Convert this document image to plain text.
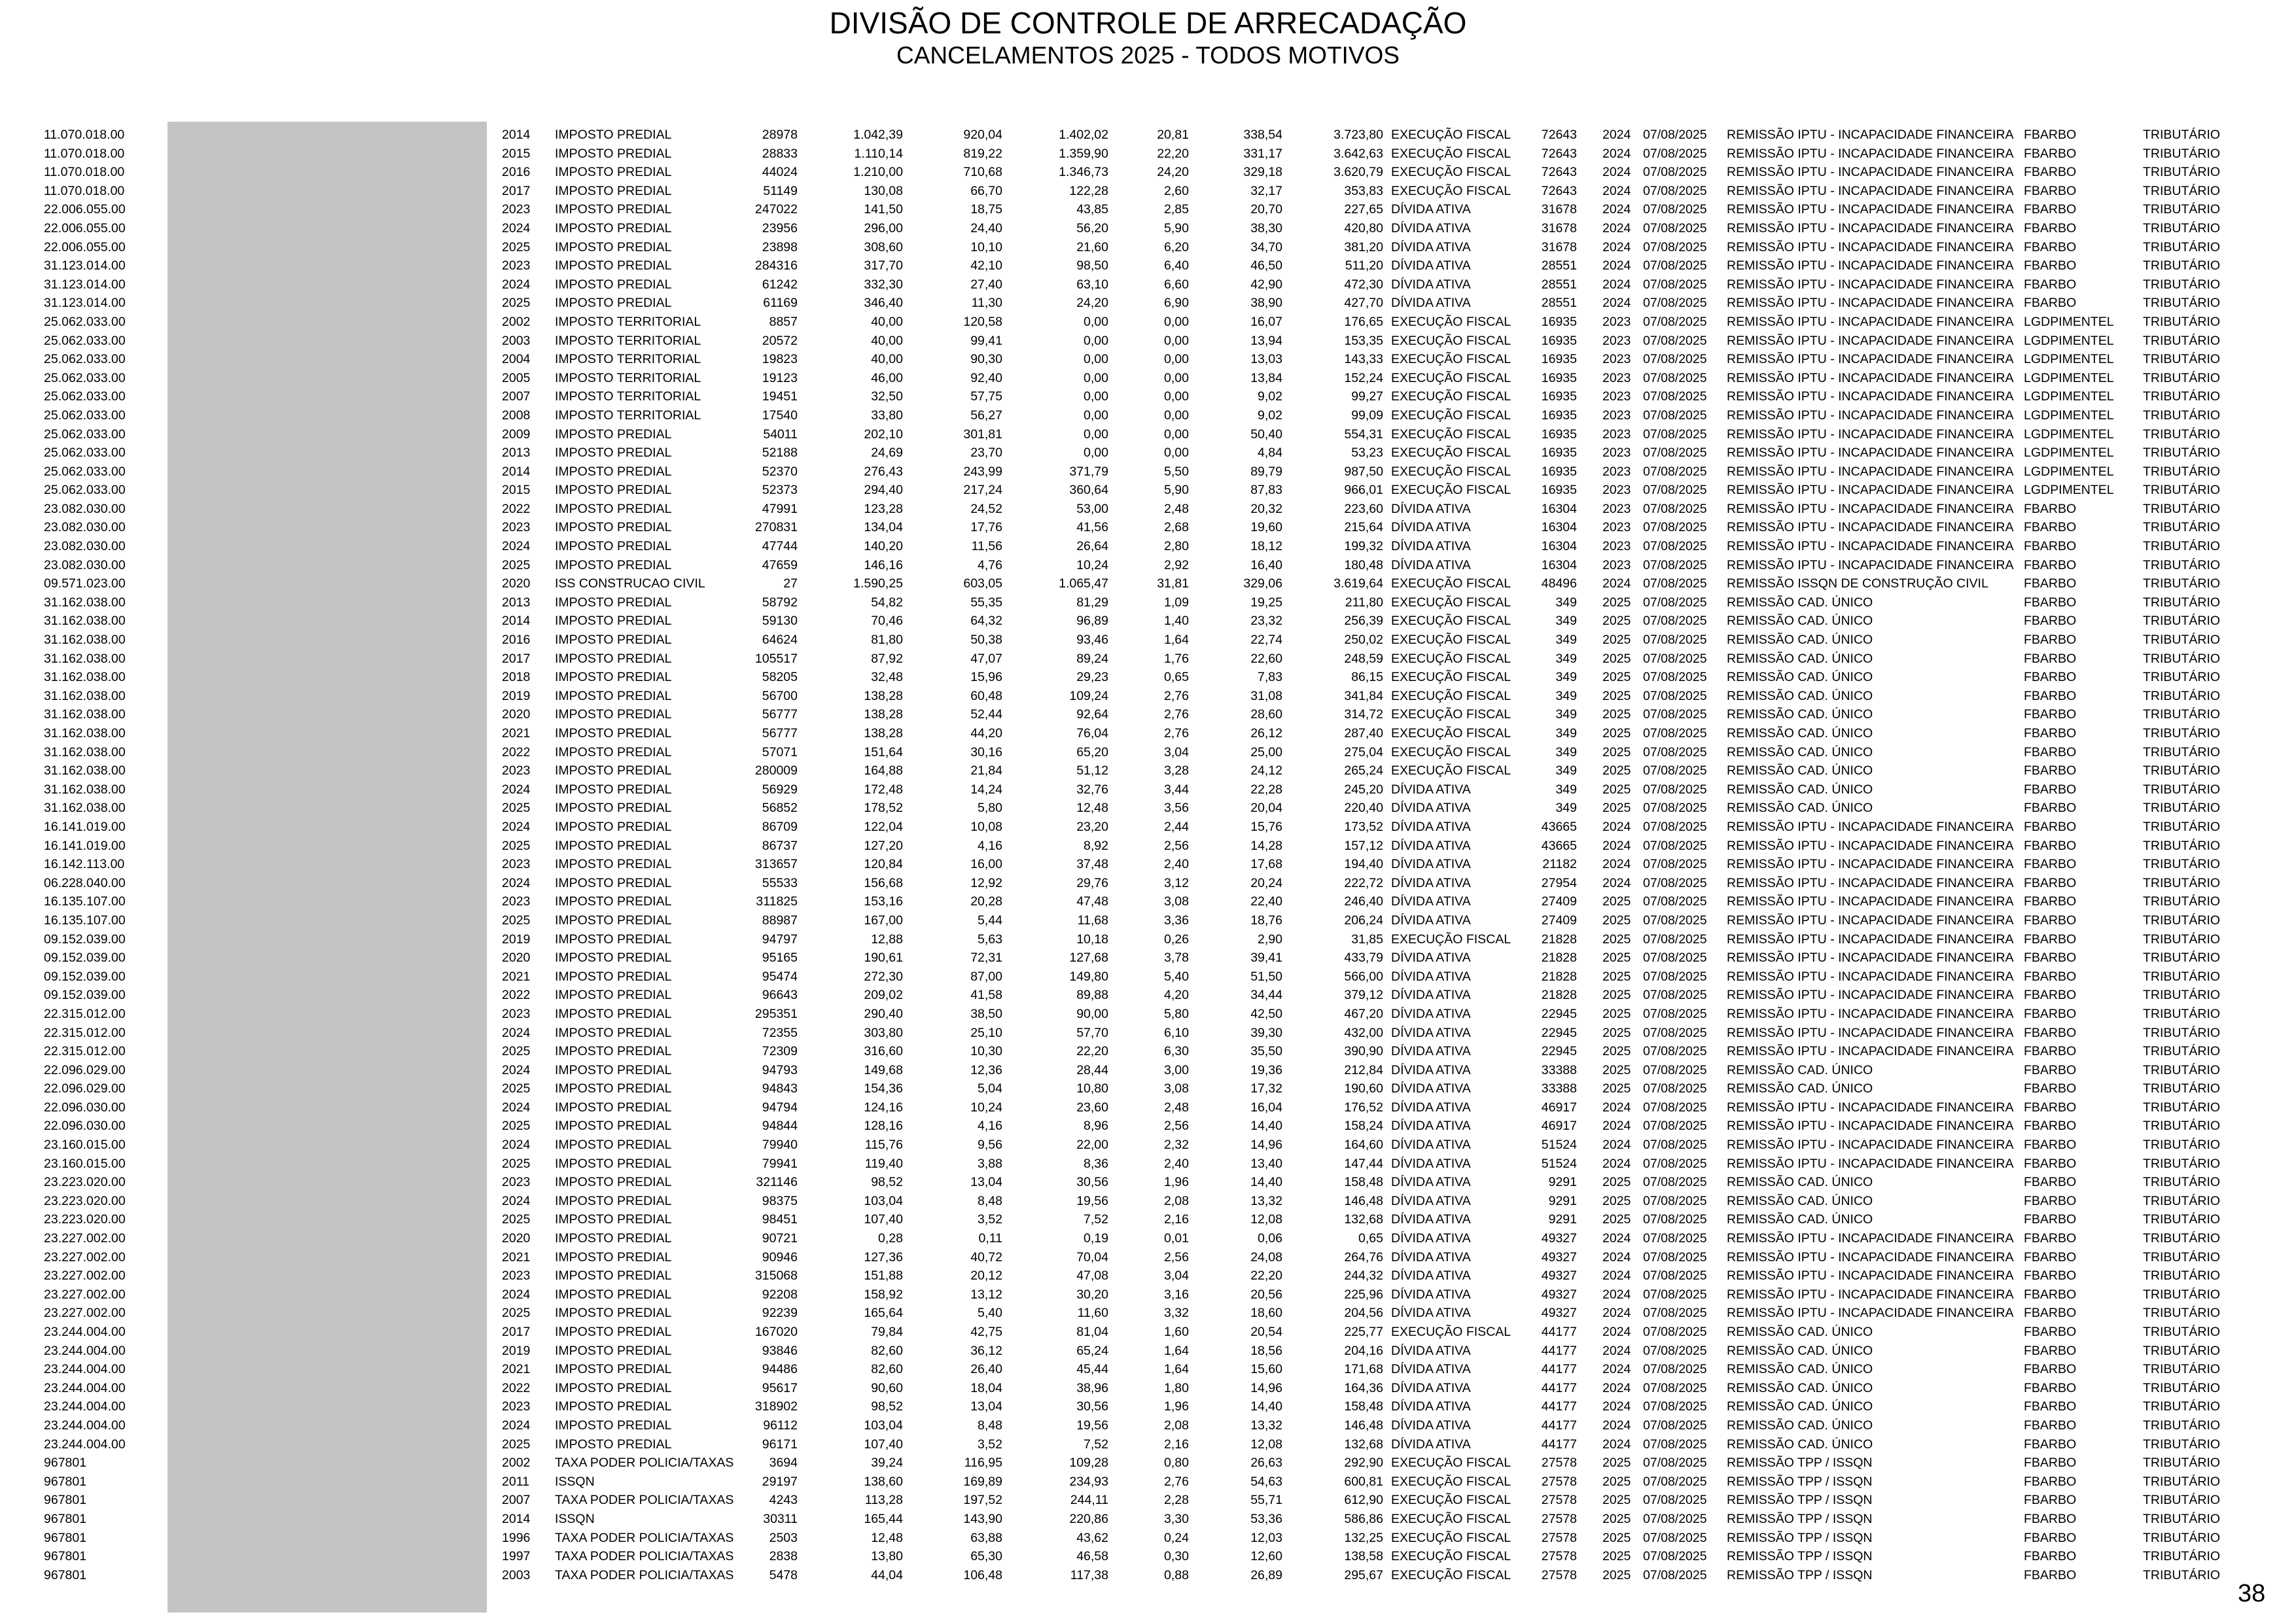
DIVISÃO DE CONTROLE DE ARRECADAÇÃO
CANCELAMENTOS 2025 - TODOS MOTIVOS
11.070.018.00	2014	IMPOSTO PREDIAL	28978	1.042,39	920,04	1.402,02	20,81	338,54	3.723,80 EXECUÇÃO FISCAL	72643 2024 07/08/2025	REMISSÃO IPTU - INCAPACIDADE FINANCEIRA FBARBO	TRIBUTÁRIO
11.070.018.00	2015	IMPOSTO PREDIAL	28833	1.110,14	819,22	1.359,90	22,20	331,17	3.642,63 EXECUÇÃO FISCAL	72643 2024 07/08/2025	REMISSÃO IPTU - INCAPACIDADE FINANCEIRA FBARBO	TRIBUTÁRIO
11.070.018.00	2016	IMPOSTO PREDIAL	44024	1.210,00	710,68	1.346,73	24,20	329,18	3.620,79 EXECUÇÃO FISCAL	72643 2024 07/08/2025	REMISSÃO IPTU - INCAPACIDADE FINANCEIRA FBARBO	TRIBUTÁRIO
11.070.018.00	2017	IMPOSTO PREDIAL	51149	130,08	66,70	122,28	2,60	32,17	353,83 EXECUÇÃO FISCAL	72643 2024 07/08/2025	REMISSÃO IPTU - INCAPACIDADE FINANCEIRA FBARBO	TRIBUTÁRIO
22.006.055.00	2023	IMPOSTO PREDIAL	247022	141,50	18,75	43,85	2,85	20,70	227,65 DÍVIDA ATIVA	31678 2024 07/08/2025	REMISSÃO IPTU - INCAPACIDADE FINANCEIRA FBARBO	TRIBUTÁRIO
22.006.055.00	2024	IMPOSTO PREDIAL	23956	296,00	24,40	56,20	5,90	38,30	420,80 DÍVIDA ATIVA	31678 2024 07/08/2025	REMISSÃO IPTU - INCAPACIDADE FINANCEIRA FBARBO	TRIBUTÁRIO
22.006.055.00	2025	IMPOSTO PREDIAL	23898	308,60	10,10	21,60	6,20	34,70	381,20 DÍVIDA ATIVA	31678 2024 07/08/2025	REMISSÃO IPTU - INCAPACIDADE FINANCEIRA FBARBO	TRIBUTÁRIO
31.123.014.00	2023	IMPOSTO PREDIAL	284316	317,70	42,10	98,50	6,40	46,50	511,20 DÍVIDA ATIVA	28551 2024 07/08/2025	REMISSÃO IPTU - INCAPACIDADE FINANCEIRA FBARBO	TRIBUTÁRIO
31.123.014.00	2024	IMPOSTO PREDIAL	61242	332,30	27,40	63,10	6,60	42,90	472,30 DÍVIDA ATIVA	28551 2024 07/08/2025	REMISSÃO IPTU - INCAPACIDADE FINANCEIRA FBARBO	TRIBUTÁRIO
31.123.014.00	2025	IMPOSTO PREDIAL	61169	346,40	11,30	24,20	6,90	38,90	427,70 DÍVIDA ATIVA	28551 2024 07/08/2025	REMISSÃO IPTU - INCAPACIDADE FINANCEIRA FBARBO	TRIBUTÁRIO
25.062.033.00	2002	IMPOSTO TERRITORIAL	8857	40,00	120,58	0,00	0,00	16,07	176,65 EXECUÇÃO FISCAL	16935 2023 07/08/2025	REMISSÃO IPTU - INCAPACIDADE FINANCEIRA LGDPIMENTEL	TRIBUTÁRIO
25.062.033.00	2003	IMPOSTO TERRITORIAL	20572	40,00	99,41	0,00	0,00	13,94	153,35 EXECUÇÃO FISCAL	16935 2023 07/08/2025	REMISSÃO IPTU - INCAPACIDADE FINANCEIRA LGDPIMENTEL	TRIBUTÁRIO
25.062.033.00	2004	IMPOSTO TERRITORIAL	19823	40,00	90,30	0,00	0,00	13,03	143,33 EXECUÇÃO FISCAL	16935 2023 07/08/2025	REMISSÃO IPTU - INCAPACIDADE FINANCEIRA LGDPIMENTEL	TRIBUTÁRIO
25.062.033.00	2005	IMPOSTO TERRITORIAL	19123	46,00	92,40	0,00	0,00	13,84	152,24 EXECUÇÃO FISCAL	16935 2023 07/08/2025	REMISSÃO IPTU - INCAPACIDADE FINANCEIRA LGDPIMENTEL	TRIBUTÁRIO
25.062.033.00	2007	IMPOSTO TERRITORIAL	19451	32,50	57,75	0,00	0,00	9,02	99,27 EXECUÇÃO FISCAL	16935 2023 07/08/2025	REMISSÃO IPTU - INCAPACIDADE FINANCEIRA LGDPIMENTEL	TRIBUTÁRIO
25.062.033.00	2008	IMPOSTO TERRITORIAL	17540	33,80	56,27	0,00	0,00	9,02	99,09 EXECUÇÃO FISCAL	16935 2023 07/08/2025	REMISSÃO IPTU - INCAPACIDADE FINANCEIRA LGDPIMENTEL	TRIBUTÁRIO
25.062.033.00	2009	IMPOSTO PREDIAL	54011	202,10	301,81	0,00	0,00	50,40	554,31 EXECUÇÃO FISCAL	16935 2023 07/08/2025	REMISSÃO IPTU - INCAPACIDADE FINANCEIRA LGDPIMENTEL	TRIBUTÁRIO
25.062.033.00	2013	IMPOSTO PREDIAL	52188	24,69	23,70	0,00	0,00	4,84	53,23 EXECUÇÃO FISCAL	16935 2023 07/08/2025	REMISSÃO IPTU - INCAPACIDADE FINANCEIRA LGDPIMENTEL	TRIBUTÁRIO
25.062.033.00	2014	IMPOSTO PREDIAL	52370	276,43	243,99	371,79	5,50	89,79	987,50 EXECUÇÃO FISCAL	16935 2023 07/08/2025	REMISSÃO IPTU - INCAPACIDADE FINANCEIRA LGDPIMENTEL	TRIBUTÁRIO
25.062.033.00	2015	IMPOSTO PREDIAL	52373	294,40	217,24	360,64	5,90	87,83	966,01 EXECUÇÃO FISCAL	16935 2023 07/08/2025	REMISSÃO IPTU - INCAPACIDADE FINANCEIRA LGDPIMENTEL	TRIBUTÁRIO
23.082.030.00	2022	IMPOSTO PREDIAL	47991	123,28	24,52	53,00	2,48	20,32	223,60 DÍVIDA ATIVA	16304 2023 07/08/2025	REMISSÃO IPTU - INCAPACIDADE FINANCEIRA FBARBO	TRIBUTÁRIO
23.082.030.00	2023	IMPOSTO PREDIAL	270831	134,04	17,76	41,56	2,68	19,60	215,64 DÍVIDA ATIVA	16304 2023 07/08/2025	REMISSÃO IPTU - INCAPACIDADE FINANCEIRA FBARBO	TRIBUTÁRIO
23.082.030.00	2024	IMPOSTO PREDIAL	47744	140,20	11,56	26,64	2,80	18,12	199,32 DÍVIDA ATIVA	16304 2023 07/08/2025	REMISSÃO IPTU - INCAPACIDADE FINANCEIRA FBARBO	TRIBUTÁRIO
23.082.030.00	2025	IMPOSTO PREDIAL	47659	146,16	4,76	10,24	2,92	16,40	180,48 DÍVIDA ATIVA	16304 2023 07/08/2025	REMISSÃO IPTU - INCAPACIDADE FINANCEIRA FBARBO	TRIBUTÁRIO
09.571.023.00	2020	ISS CONSTRUCAO CIVIL	27	1.590,25	603,05	1.065,47	31,81	329,06	3.619,64 EXECUÇÃO FISCAL	48496 2024 07/08/2025	REMISSÃO ISSQN DE CONSTRUÇÃO CIVIL	FBARBO	TRIBUTÁRIO
31.162.038.00	2013	IMPOSTO PREDIAL	58792	54,82	55,35	81,29	1,09	19,25	211,80 EXECUÇÃO FISCAL	349 2025 07/08/2025	REMISSÃO CAD. ÚNICO	FBARBO	TRIBUTÁRIO
31.162.038.00	2014	IMPOSTO PREDIAL	59130	70,46	64,32	96,89	1,40	23,32	256,39 EXECUÇÃO FISCAL	349 2025 07/08/2025	REMISSÃO CAD. ÚNICO	FBARBO	TRIBUTÁRIO
31.162.038.00	2016	IMPOSTO PREDIAL	64624	81,80	50,38	93,46	1,64	22,74	250,02 EXECUÇÃO FISCAL	349 2025 07/08/2025	REMISSÃO CAD. ÚNICO	FBARBO	TRIBUTÁRIO
31.162.038.00	2017	IMPOSTO PREDIAL	105517	87,92	47,07	89,24	1,76	22,60	248,59 EXECUÇÃO FISCAL	349 2025 07/08/2025	REMISSÃO CAD. ÚNICO	FBARBO	TRIBUTÁRIO
31.162.038.00	2018	IMPOSTO PREDIAL	58205	32,48	15,96	29,23	0,65	7,83	86,15 EXECUÇÃO FISCAL	349 2025 07/08/2025	REMISSÃO CAD. ÚNICO	FBARBO	TRIBUTÁRIO
31.162.038.00	2019	IMPOSTO PREDIAL	56700	138,28	60,48	109,24	2,76	31,08	341,84 EXECUÇÃO FISCAL	349 2025 07/08/2025	REMISSÃO CAD. ÚNICO	FBARBO	TRIBUTÁRIO
31.162.038.00	2020	IMPOSTO PREDIAL	56777	138,28	52,44	92,64	2,76	28,60	314,72 EXECUÇÃO FISCAL	349 2025 07/08/2025	REMISSÃO CAD. ÚNICO	FBARBO	TRIBUTÁRIO
31.162.038.00	2021	IMPOSTO PREDIAL	56777	138,28	44,20	76,04	2,76	26,12	287,40 EXECUÇÃO FISCAL	349 2025 07/08/2025	REMISSÃO CAD. ÚNICO	FBARBO	TRIBUTÁRIO
31.162.038.00	2022	IMPOSTO PREDIAL	57071	151,64	30,16	65,20	3,04	25,00	275,04 EXECUÇÃO FISCAL	349 2025 07/08/2025	REMISSÃO CAD. ÚNICO	FBARBO	TRIBUTÁRIO
31.162.038.00	2023	IMPOSTO PREDIAL	280009	164,88	21,84	51,12	3,28	24,12	265,24 EXECUÇÃO FISCAL	349 2025 07/08/2025	REMISSÃO CAD. ÚNICO	FBARBO	TRIBUTÁRIO
31.162.038.00	2024	IMPOSTO PREDIAL	56929	172,48	14,24	32,76	3,44	22,28	245,20 DÍVIDA ATIVA	349 2025 07/08/2025	REMISSÃO CAD. ÚNICO	FBARBO	TRIBUTÁRIO
31.162.038.00	2025	IMPOSTO PREDIAL	56852	178,52	5,80	12,48	3,56	20,04	220,40 DÍVIDA ATIVA	349 2025 07/08/2025	REMISSÃO CAD. ÚNICO	FBARBO	TRIBUTÁRIO
16.141.019.00	2024	IMPOSTO PREDIAL	86709	122,04	10,08	23,20	2,44	15,76	173,52 DÍVIDA ATIVA	43665 2024 07/08/2025	REMISSÃO IPTU - INCAPACIDADE FINANCEIRA FBARBO	TRIBUTÁRIO
16.141.019.00	2025	IMPOSTO PREDIAL	86737	127,20	4,16	8,92	2,56	14,28	157,12 DÍVIDA ATIVA	43665 2024 07/08/2025	REMISSÃO IPTU - INCAPACIDADE FINANCEIRA FBARBO	TRIBUTÁRIO
16.142.113.00	2023	IMPOSTO PREDIAL	313657	120,84	16,00	37,48	2,40	17,68	194,40 DÍVIDA ATIVA	21182 2024 07/08/2025	REMISSÃO IPTU - INCAPACIDADE FINANCEIRA FBARBO	TRIBUTÁRIO
06.228.040.00	2024	IMPOSTO PREDIAL	55533	156,68	12,92	29,76	3,12	20,24	222,72 DÍVIDA ATIVA	27954 2024 07/08/2025	REMISSÃO IPTU - INCAPACIDADE FINANCEIRA FBARBO	TRIBUTÁRIO
16.135.107.00	2023	IMPOSTO PREDIAL	311825	153,16	20,28	47,48	3,08	22,40	246,40 DÍVIDA ATIVA	27409 2025 07/08/2025	REMISSÃO IPTU - INCAPACIDADE FINANCEIRA FBARBO	TRIBUTÁRIO
16.135.107.00	2025	IMPOSTO PREDIAL	88987	167,00	5,44	11,68	3,36	18,76	206,24 DÍVIDA ATIVA	27409 2025 07/08/2025	REMISSÃO IPTU - INCAPACIDADE FINANCEIRA FBARBO	TRIBUTÁRIO
09.152.039.00	2019	IMPOSTO PREDIAL	94797	12,88	5,63	10,18	0,26	2,90	31,85 EXECUÇÃO FISCAL	21828 2025 07/08/2025	REMISSÃO IPTU - INCAPACIDADE FINANCEIRA FBARBO	TRIBUTÁRIO
09.152.039.00	2020	IMPOSTO PREDIAL	95165	190,61	72,31	127,68	3,78	39,41	433,79 DÍVIDA ATIVA	21828 2025 07/08/2025	REMISSÃO IPTU - INCAPACIDADE FINANCEIRA FBARBO	TRIBUTÁRIO
09.152.039.00	2021	IMPOSTO PREDIAL	95474	272,30	87,00	149,80	5,40	51,50	566,00 DÍVIDA ATIVA	21828 2025 07/08/2025	REMISSÃO IPTU - INCAPACIDADE FINANCEIRA FBARBO	TRIBUTÁRIO
09.152.039.00	2022	IMPOSTO PREDIAL	96643	209,02	41,58	89,88	4,20	34,44	379,12 DÍVIDA ATIVA	21828 2025 07/08/2025	REMISSÃO IPTU - INCAPACIDADE FINANCEIRA FBARBO	TRIBUTÁRIO
22.315.012.00	2023	IMPOSTO PREDIAL	295351	290,40	38,50	90,00	5,80	42,50	467,20 DÍVIDA ATIVA	22945 2025 07/08/2025	REMISSÃO IPTU - INCAPACIDADE FINANCEIRA FBARBO	TRIBUTÁRIO
22.315.012.00	2024	IMPOSTO PREDIAL	72355	303,80	25,10	57,70	6,10	39,30	432,00 DÍVIDA ATIVA	22945 2025 07/08/2025	REMISSÃO IPTU - INCAPACIDADE FINANCEIRA FBARBO	TRIBUTÁRIO
22.315.012.00	2025	IMPOSTO PREDIAL	72309	316,60	10,30	22,20	6,30	35,50	390,90 DÍVIDA ATIVA	22945 2025 07/08/2025	REMISSÃO IPTU - INCAPACIDADE FINANCEIRA FBARBO	TRIBUTÁRIO
22.096.029.00	2024	IMPOSTO PREDIAL	94793	149,68	12,36	28,44	3,00	19,36	212,84 DÍVIDA ATIVA	33388 2025 07/08/2025	REMISSÃO CAD. ÚNICO	FBARBO	TRIBUTÁRIO
22.096.029.00	2025	IMPOSTO PREDIAL	94843	154,36	5,04	10,80	3,08	17,32	190,60 DÍVIDA ATIVA	33388 2025 07/08/2025	REMISSÃO CAD. ÚNICO	FBARBO	TRIBUTÁRIO
22.096.030.00	2024	IMPOSTO PREDIAL	94794	124,16	10,24	23,60	2,48	16,04	176,52 DÍVIDA ATIVA	46917 2024 07/08/2025	REMISSÃO IPTU - INCAPACIDADE FINANCEIRA FBARBO	TRIBUTÁRIO
22.096.030.00	2025	IMPOSTO PREDIAL	94844	128,16	4,16	8,96	2,56	14,40	158,24 DÍVIDA ATIVA	46917 2024 07/08/2025	REMISSÃO IPTU - INCAPACIDADE FINANCEIRA FBARBO	TRIBUTÁRIO
23.160.015.00	2024	IMPOSTO PREDIAL	79940	115,76	9,56	22,00	2,32	14,96	164,60 DÍVIDA ATIVA	51524 2024 07/08/2025	REMISSÃO IPTU - INCAPACIDADE FINANCEIRA FBARBO	TRIBUTÁRIO
23.160.015.00	2025	IMPOSTO PREDIAL	79941	119,40	3,88	8,36	2,40	13,40	147,44 DÍVIDA ATIVA	51524 2024 07/08/2025	REMISSÃO IPTU - INCAPACIDADE FINANCEIRA FBARBO	TRIBUTÁRIO
23.223.020.00	2023	IMPOSTO PREDIAL	321146	98,52	13,04	30,56	1,96	14,40	158,48 DÍVIDA ATIVA	9291 2025 07/08/2025	REMISSÃO CAD. ÚNICO	FBARBO	TRIBUTÁRIO
23.223.020.00	2024	IMPOSTO PREDIAL	98375	103,04	8,48	19,56	2,08	13,32	146,48 DÍVIDA ATIVA	9291 2025 07/08/2025	REMISSÃO CAD. ÚNICO	FBARBO	TRIBUTÁRIO
23.223.020.00	2025	IMPOSTO PREDIAL	98451	107,40	3,52	7,52	2,16	12,08	132,68 DÍVIDA ATIVA	9291 2025 07/08/2025	REMISSÃO CAD. ÚNICO	FBARBO	TRIBUTÁRIO
23.227.002.00	2020	IMPOSTO PREDIAL	90721	0,28	0,11	0,19	0,01	0,06	0,65 DÍVIDA ATIVA	49327 2024 07/08/2025	REMISSÃO IPTU - INCAPACIDADE FINANCEIRA FBARBO	TRIBUTÁRIO
23.227.002.00	2021	IMPOSTO PREDIAL	90946	127,36	40,72	70,04	2,56	24,08	264,76 DÍVIDA ATIVA	49327 2024 07/08/2025	REMISSÃO IPTU - INCAPACIDADE FINANCEIRA FBARBO	TRIBUTÁRIO
23.227.002.00	2023	IMPOSTO PREDIAL	315068	151,88	20,12	47,08	3,04	22,20	244,32 DÍVIDA ATIVA	49327 2024 07/08/2025	REMISSÃO IPTU - INCAPACIDADE FINANCEIRA FBARBO	TRIBUTÁRIO
23.227.002.00	2024	IMPOSTO PREDIAL	92208	158,92	13,12	30,20	3,16	20,56	225,96 DÍVIDA ATIVA	49327 2024 07/08/2025	REMISSÃO IPTU - INCAPACIDADE FINANCEIRA FBARBO	TRIBUTÁRIO
23.227.002.00	2025	IMPOSTO PREDIAL	92239	165,64	5,40	11,60	3,32	18,60	204,56 DÍVIDA ATIVA	49327 2024 07/08/2025	REMISSÃO IPTU - INCAPACIDADE FINANCEIRA FBARBO	TRIBUTÁRIO
23.244.004.00	2017	IMPOSTO PREDIAL	167020	79,84	42,75	81,04	1,60	20,54	225,77 EXECUÇÃO FISCAL	44177 2024 07/08/2025	REMISSÃO CAD. ÚNICO	FBARBO	TRIBUTÁRIO
23.244.004.00	2019	IMPOSTO PREDIAL	93846	82,60	36,12	65,24	1,64	18,56	204,16 DÍVIDA ATIVA	44177 2024 07/08/2025	REMISSÃO CAD. ÚNICO	FBARBO	TRIBUTÁRIO
23.244.004.00	2021	IMPOSTO PREDIAL	94486	82,60	26,40	45,44	1,64	15,60	171,68 DÍVIDA ATIVA	44177 2024 07/08/2025	REMISSÃO CAD. ÚNICO	FBARBO	TRIBUTÁRIO
23.244.004.00	2022	IMPOSTO PREDIAL	95617	90,60	18,04	38,96	1,80	14,96	164,36 DÍVIDA ATIVA	44177 2024 07/08/2025	REMISSÃO CAD. ÚNICO	FBARBO	TRIBUTÁRIO
23.244.004.00	2023	IMPOSTO PREDIAL	318902	98,52	13,04	30,56	1,96	14,40	158,48 DÍVIDA ATIVA	44177 2024 07/08/2025	REMISSÃO CAD. ÚNICO	FBARBO	TRIBUTÁRIO
23.244.004.00	2024	IMPOSTO PREDIAL	96112	103,04	8,48	19,56	2,08	13,32	146,48 DÍVIDA ATIVA	44177 2024 07/08/2025	REMISSÃO CAD. ÚNICO	FBARBO	TRIBUTÁRIO
23.244.004.00	2025	IMPOSTO PREDIAL	96171	107,40	3,52	7,52	2,16	12,08	132,68 DÍVIDA ATIVA	44177 2024 07/08/2025	REMISSÃO CAD. ÚNICO	FBARBO	TRIBUTÁRIO
967801	2002	TAXA PODER POLICIA/TAXAS	3694	39,24	116,95	109,28	0,80	26,63	292,90 EXECUÇÃO FISCAL	27578 2025 07/08/2025	REMISSÃO TPP / ISSQN	FBARBO	TRIBUTÁRIO
967801	2011	ISSQN	29197	138,60	169,89	234,93	2,76	54,63	600,81 EXECUÇÃO FISCAL	27578 2025 07/08/2025	REMISSÃO TPP / ISSQN	FBARBO	TRIBUTÁRIO
967801	2007	TAXA PODER POLICIA/TAXAS	4243	113,28	197,52	244,11	2,28	55,71	612,90 EXECUÇÃO FISCAL	27578 2025 07/08/2025	REMISSÃO TPP / ISSQN	FBARBO	TRIBUTÁRIO
967801	2014	ISSQN	30311	165,44	143,90	220,86	3,30	53,36	586,86 EXECUÇÃO FISCAL	27578 2025 07/08/2025	REMISSÃO TPP / ISSQN	FBARBO	TRIBUTÁRIO
967801	1996	TAXA PODER POLICIA/TAXAS	2503	12,48	63,88	43,62	0,24	12,03	132,25 EXECUÇÃO FISCAL	27578 2025 07/08/2025	REMISSÃO TPP / ISSQN	FBARBO	TRIBUTÁRIO
967801	1997	TAXA PODER POLICIA/TAXAS	2838	13,80	65,30	46,58	0,30	12,60	138,58 EXECUÇÃO FISCAL	27578 2025 07/08/2025	REMISSÃO TPP / ISSQN	FBARBO	TRIBUTÁRIO
967801	2003	TAXA PODER POLICIA/TAXAS	5478	44,04	106,48	117,38	0,88	26,89	295,67 EXECUÇÃO FISCAL	27578 2025 07/08/2025	REMISSÃO TPP / ISSQN	FBARBO	TRIBUTÁRIO
38
